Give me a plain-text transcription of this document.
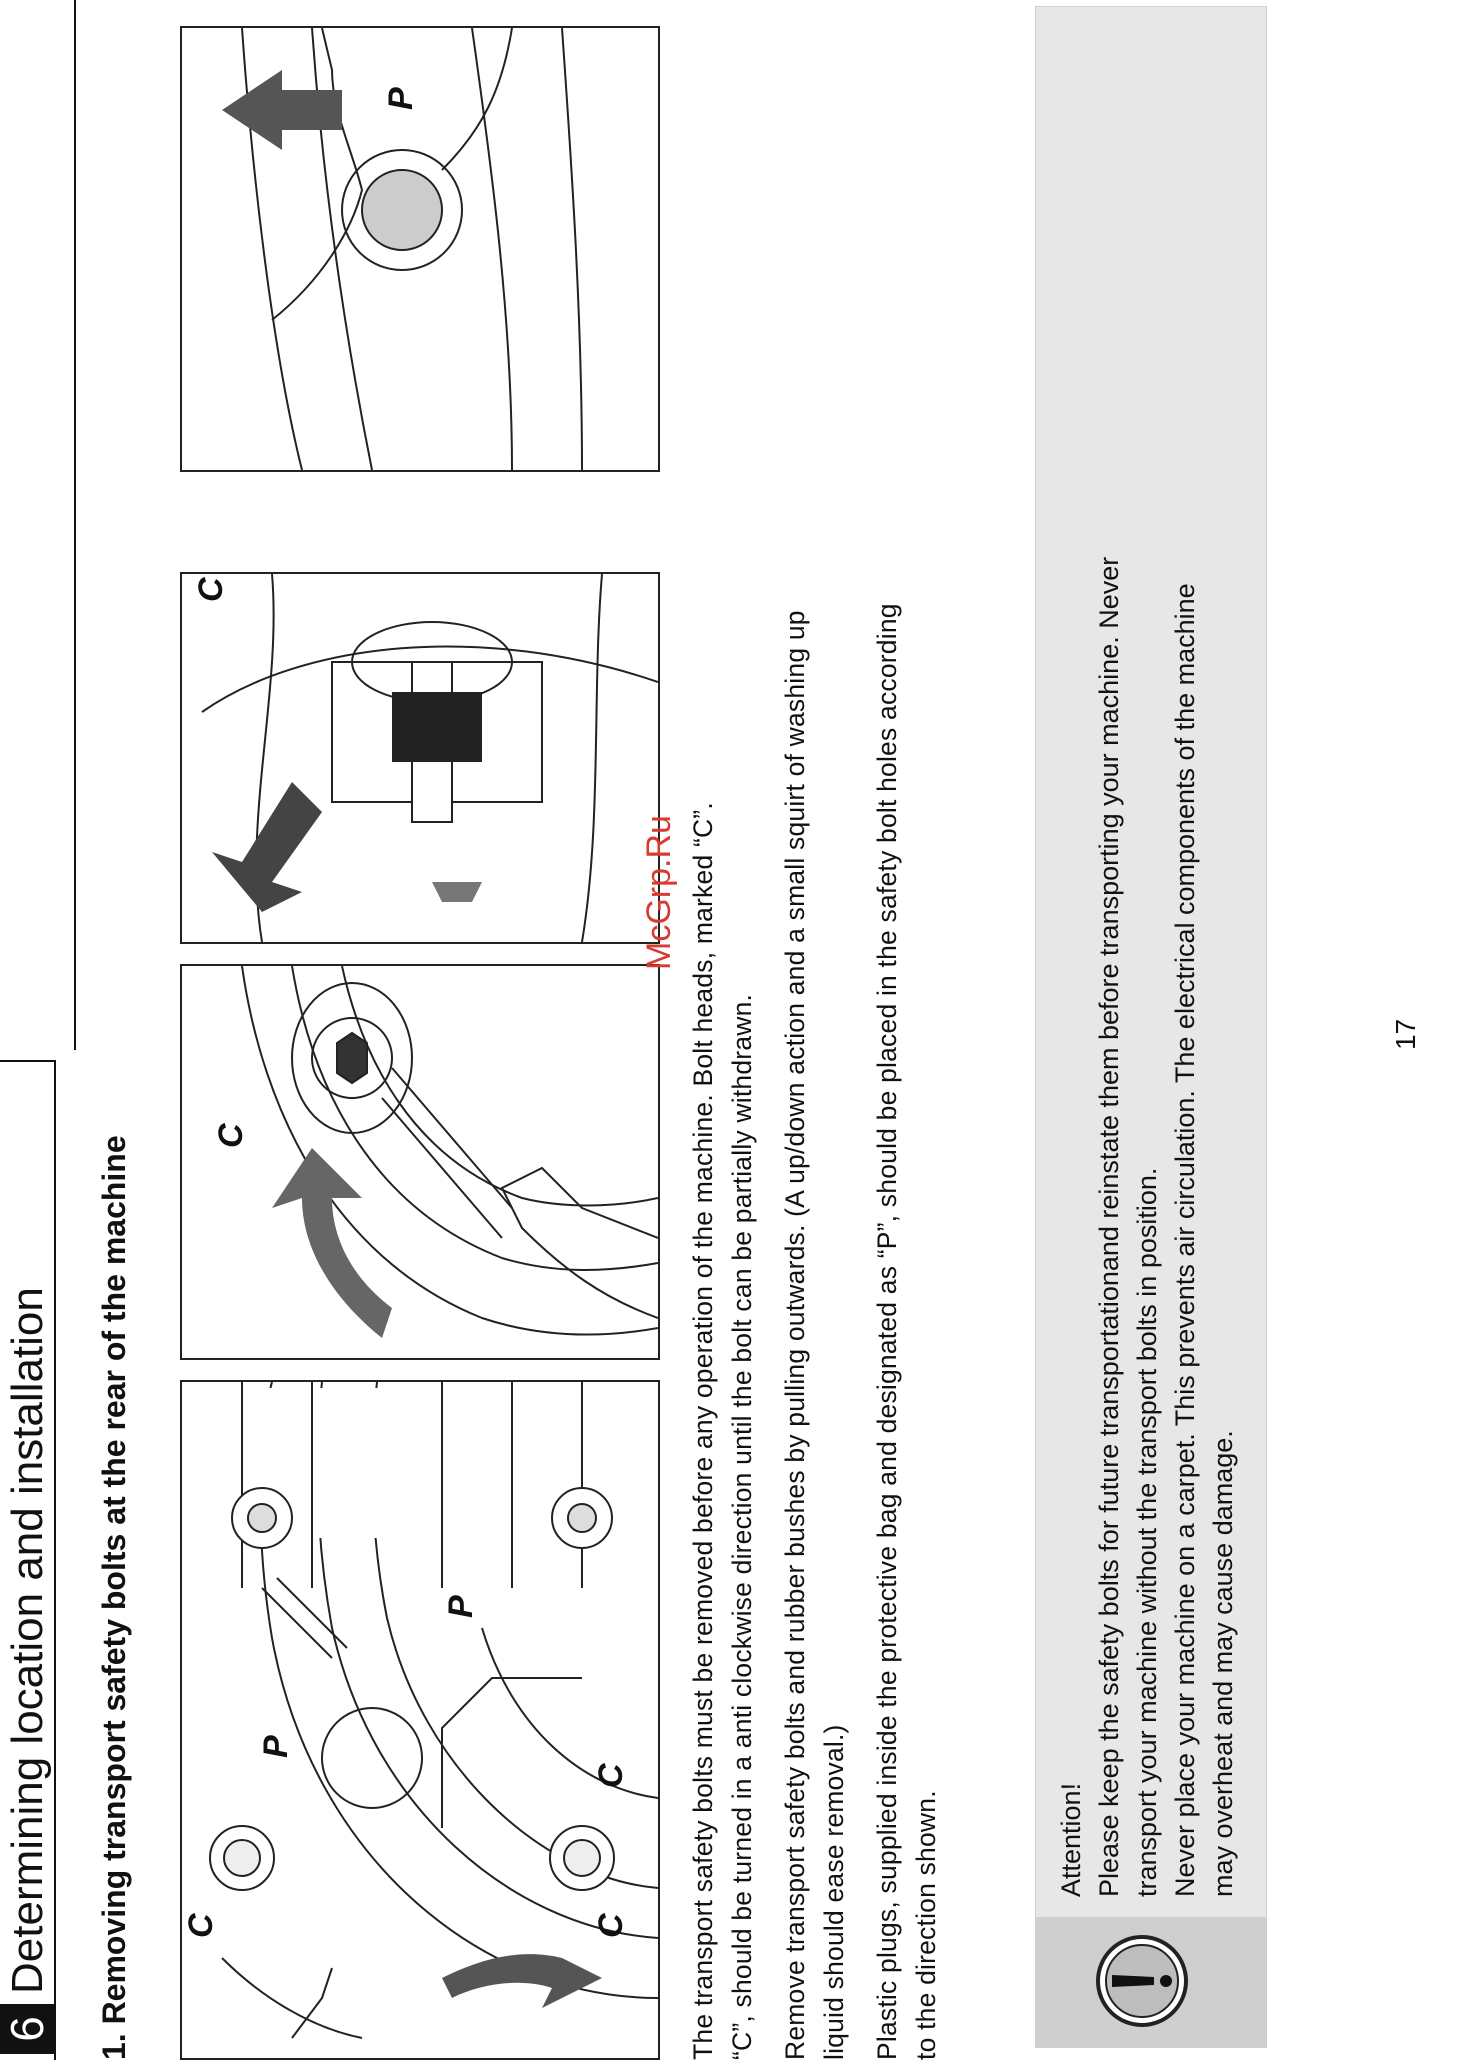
6
Determining location and installation 1. Removing transport safety bolts at the rear of the machine C
P
C
P
C
C
C
P

The transport safety bolts must be removed before any operation of the machine. Bolt heads, marked “C”. “C”, should be turned in a anti clockwise direction until the bolt can be partially withdrawn. Remove transport safety bolts and rubber bushes by pulling outwards. (A up/down action and a small squirt of washing up liquid should ease removal.) Plastic plugs, supplied inside the protective bag and designated as “P”, should be placed in the safety bolt holes according to the direction shown.

McGrp.Ru
Attention! Please keep the safety bolts for future transportationand reinstate them before transporting your machine. Never transport your machine without the transport bolts in position. Never place your machine on a carpet. This prevents air circulation. The electrical components of the machine may overheat and may cause damage.
17
